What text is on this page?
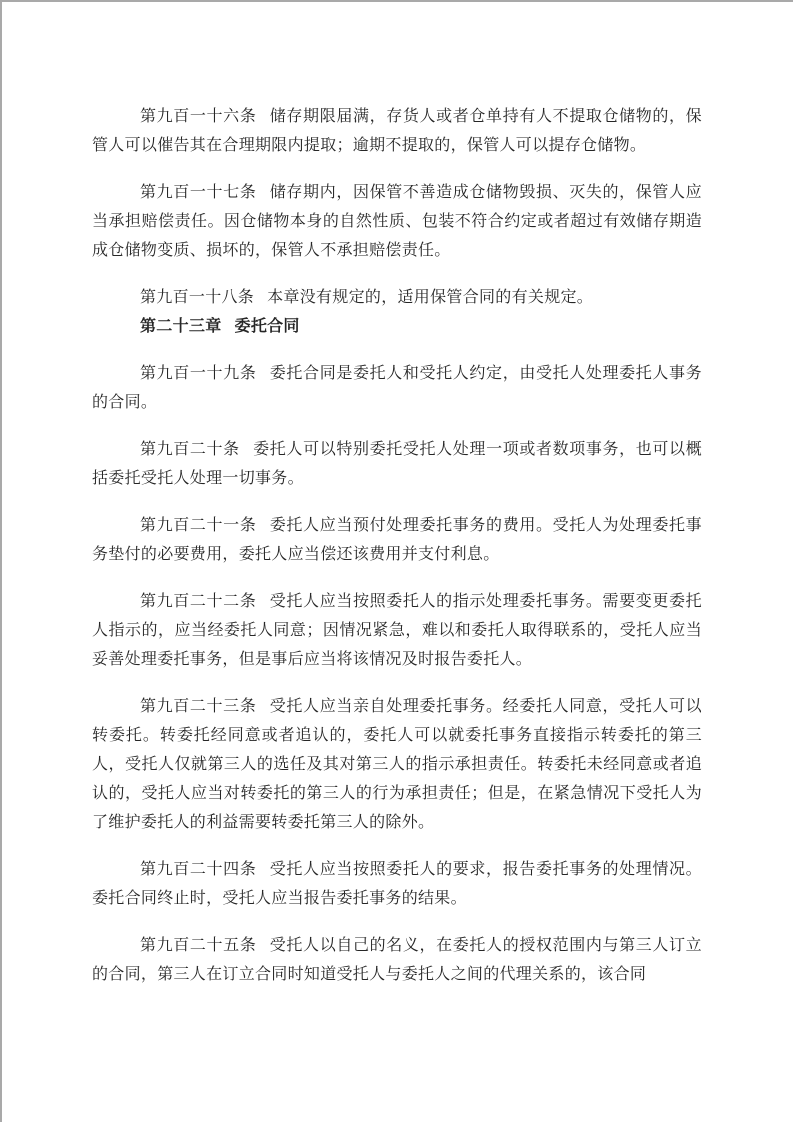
第九百一十六条 储存期限届满，存货人或者仓单持有人不提取仓储物的，保管人可以催告其在合理期限内提取；逾期不提取的，保管人可以提存仓储物。

第九百一十七条 储存期内，因保管不善造成仓储物毁损、灭失的，保管人应当承担赔偿责任。因仓储物本身的自然性质、包装不符合约定或者超过有效储存期造成仓储物变质、损坏的，保管人不承担赔偿责任。

第九百一十八条 本章没有规定的，适用保管合同的有关规定。

第二十三章 委托合同

第九百一十九条 委托合同是委托人和受托人约定，由受托人处理委托人事务的合同。

第九百二十条 委托人可以特别委托受托人处理一项或者数项事务，也可以概括委托受托人处理一切事务。

第九百二十一条 委托人应当预付处理委托事务的费用。受托人为处理委托事务垫付的必要费用，委托人应当偿还该费用并支付利息。

第九百二十二条 受托人应当按照委托人的指示处理委托事务。需要变更委托人指示的，应当经委托人同意；因情况紧急，难以和委托人取得联系的，受托人应当妥善处理委托事务，但是事后应当将该情况及时报告委托人。

第九百二十三条 受托人应当亲自处理委托事务。经委托人同意，受托人可以转委托。转委托经同意或者追认的，委托人可以就委托事务直接指示转委托的第三人，受托人仅就第三人的选任及其对第三人的指示承担责任。转委托未经同意或者追认的，受托人应当对转委托的第三人的行为承担责任；但是，在紧急情况下受托人为了维护委托人的利益需要转委托第三人的除外。

第九百二十四条 受托人应当按照委托人的要求，报告委托事务的处理情况。委托合同终止时，受托人应当报告委托事务的结果。

第九百二十五条 受托人以自己的名义，在委托人的授权范围内与第三人订立的合同，第三人在订立合同时知道受托人与委托人之间的代理关系的，该合同
